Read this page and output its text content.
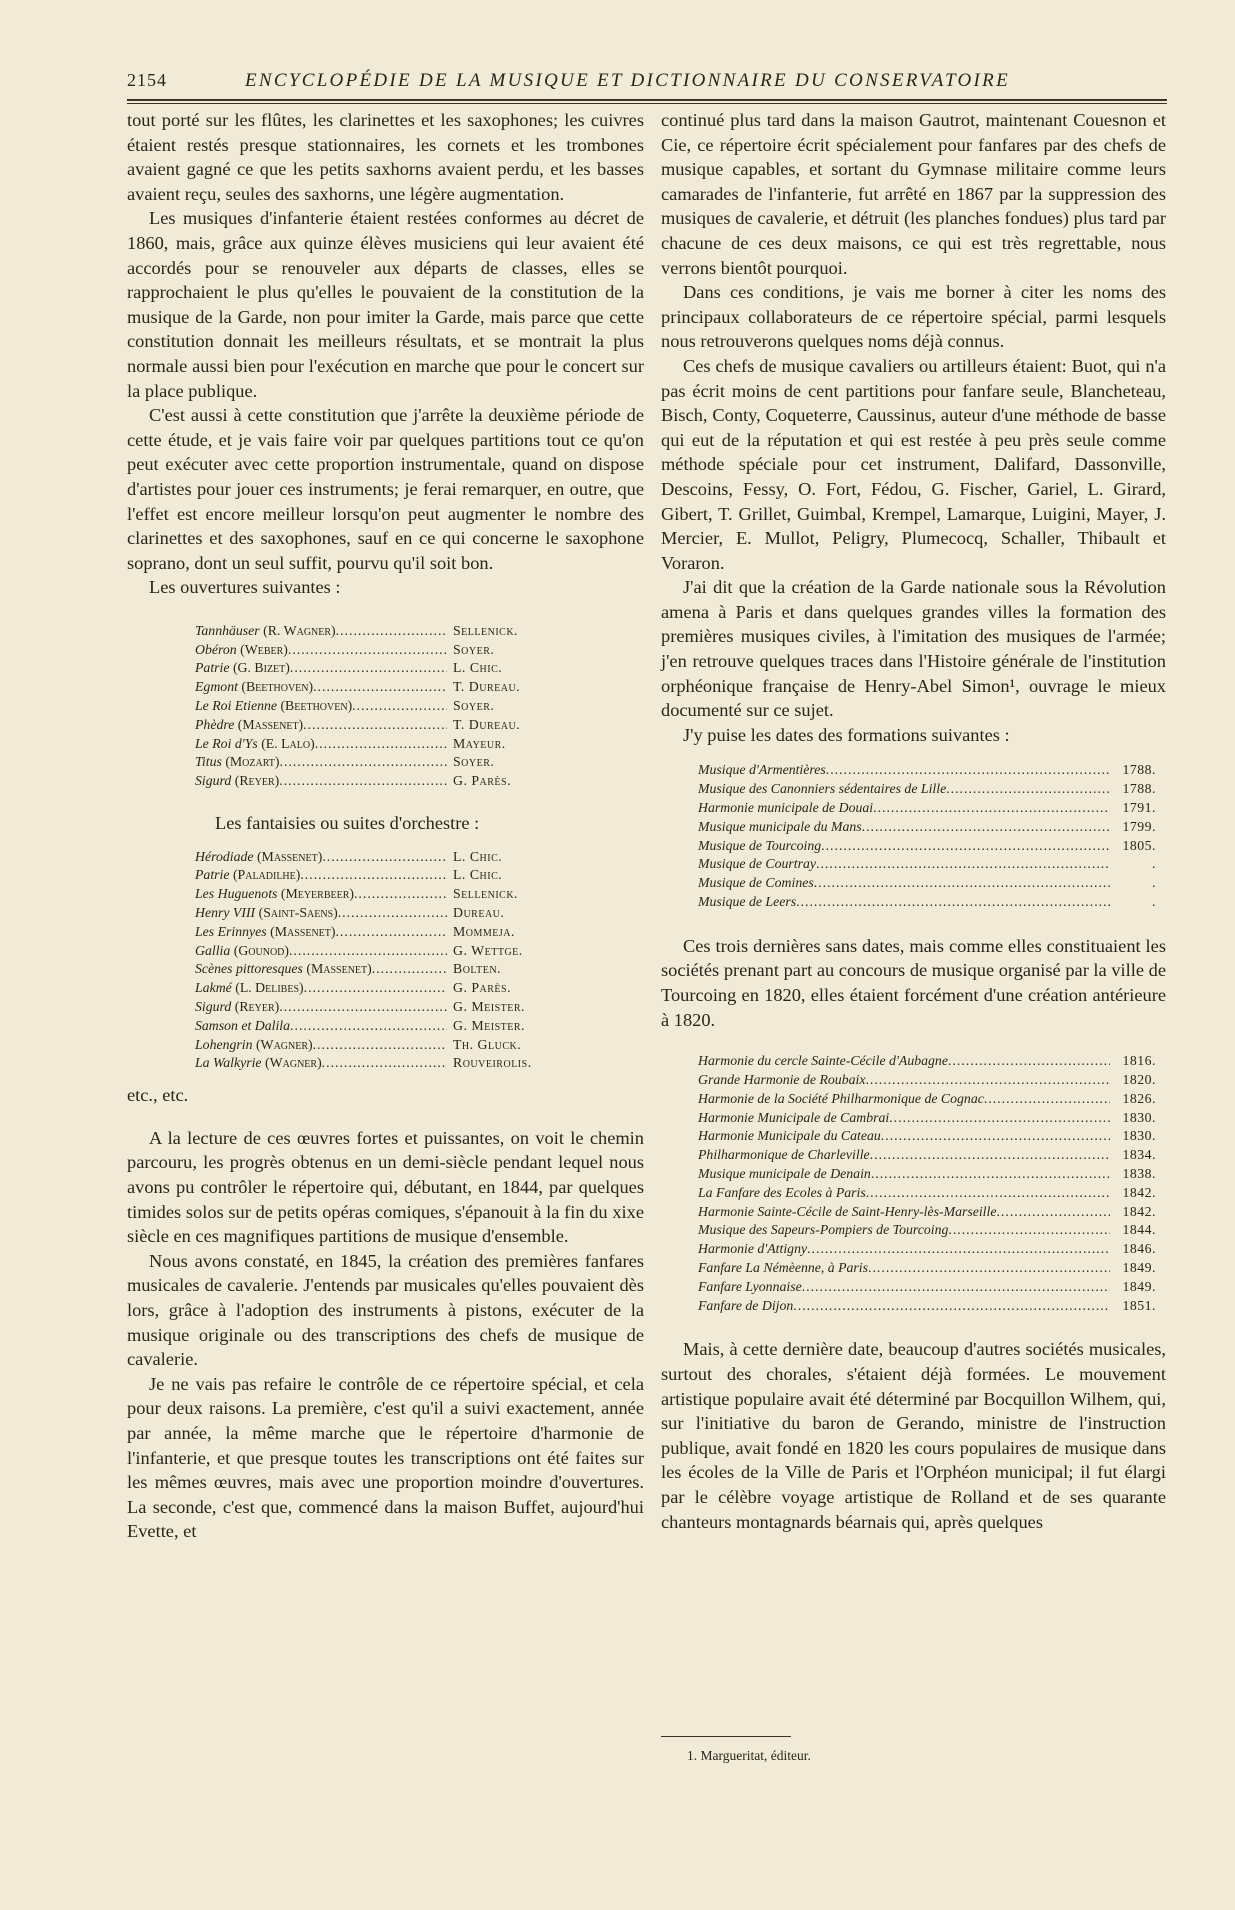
2154	ENCYCLOPÉDIE DE LA MUSIQUE ET DICTIONNAIRE DU CONSERVATOIRE

tout porté sur les flûtes, les clarinettes et les saxophones; les cuivres étaient restés presque stationnaires, les cornets et les trombones avaient gagné ce que les petits saxhorns avaient perdu, et les basses avaient reçu, seules des saxhorns, une légère augmentation.

Les musiques d'infanterie étaient restées conformes au décret de 1860, mais, grâce aux quinze élèves musiciens qui leur avaient été accordés pour se renouveler aux départs de classes, elles se rapprochaient le plus qu'elles le pouvaient de la constitution de la musique de la Garde, non pour imiter la Garde, mais parce que cette constitution donnait les meilleurs résultats, et se montrait la plus normale aussi bien pour l'exécution en marche que pour le concert sur la place publique.

C'est aussi à cette constitution que j'arrête la deuxième période de cette étude, et je vais faire voir par quelques partitions tout ce qu'on peut exécuter avec cette proportion instrumentale, quand on dispose d'artistes pour jouer ces instruments; je ferai remarquer, en outre, que l'effet est encore meilleur lorsqu'on peut augmenter le nombre des clarinettes et des saxophones, sauf en ce qui concerne le saxophone soprano, dont un seul suffit, pourvu qu'il soit bon.

Les ouvertures suivantes :

Tannhäuser (R. Wagner) .....	Sellenick.
Obéron (Weber) .....	Soyer.
Patrie (G. Bizet) .....	L. Chic.
Egmont (Beethoven) .....	T. Dureau.
Le Roi Etienne (Beethoven) .....	Soyer.
Phèdre (Massenet) .....	T. Dureau.
Le Roi d'Ys (E. Lalo) .....	Mayeur.
Titus (Mozart) .....	Soyer.
Sigurd (Reyer) .....	G. Parès.

Les fantaisies ou suites d'orchestre :

Hérodiade (Massenet) .....	L. Chic.
Patrie (Paladilhe) .....	L. Chic.
Les Huguenots (Meyerbeer) .....	Sellenick.
Henry VIII (Saint-Saens) .....	Dureau.
Les Erinnyes (Massenet) .....	Mommeja.
Gallia (Gounod) .....	G. Wettge.
Scènes pittoresques (Massenet) .....	Bolten.
Lakmé (L. Delibes) .....	G. Parès.
Sigurd (Reyer) .....	G. Meister.
Samson et Dalila .....	G. Meister.
Lohengrin (Wagner) .....	Th. Gluck.
La Walkyrie (Wagner) .....	Rouveirolis.

etc., etc.

A la lecture de ces œuvres fortes et puissantes, on voit le chemin parcouru, les progrès obtenus en un demi-siècle pendant lequel nous avons pu contrôler le répertoire qui, débutant, en 1844, par quelques timides solos sur de petits opéras comiques, s'épanouit à la fin du xixe siècle en ces magnifiques partitions de musique d'ensemble.

Nous avons constaté, en 1845, la création des premières fanfares musicales de cavalerie. J'entends par musicales qu'elles pouvaient dès lors, grâce à l'adoption des instruments à pistons, exécuter de la musique originale ou des transcriptions des chefs de musique de cavalerie.

Je ne vais pas refaire le contrôle de ce répertoire spécial, et cela pour deux raisons. La première, c'est qu'il a suivi exactement, année par année, la même marche que le répertoire d'harmonie de l'infanterie, et que presque toutes les transcriptions ont été faites sur les mêmes œuvres, mais avec une proportion moindre d'ouvertures. La seconde, c'est que, commencé dans la maison Buffet, aujourd'hui Evette, et

continué plus tard dans la maison Gautrot, maintenant Couesnon et Cie, ce répertoire écrit spécialement pour fanfares par des chefs de musique capables, et sortant du Gymnase militaire comme leurs camarades de l'infanterie, fut arrêté en 1867 par la suppression des musiques de cavalerie, et détruit (les planches fondues) plus tard par chacune de ces deux maisons, ce qui est très regrettable, nous verrons bientôt pourquoi.

Dans ces conditions, je vais me borner à citer les noms des principaux collaborateurs de ce répertoire spécial, parmi lesquels nous retrouverons quelques noms déjà connus.

Ces chefs de musique cavaliers ou artilleurs étaient: Buot, qui n'a pas écrit moins de cent partitions pour fanfare seule, Blancheteau, Bisch, Conty, Coqueterre, Caussinus, auteur d'une méthode de basse qui eut de la réputation et qui est restée à peu près seule comme méthode spéciale pour cet instrument, Dalifard, Dassonville, Descoins, Fessy, O. Fort, Fédou, G. Fischer, Gariel, L. Girard, Gibert, T. Grillet, Guimbal, Krempel, Lamarque, Luigini, Mayer, J. Mercier, E. Mullot, Peligry, Plumecocq, Schaller, Thibault et Voraron.

J'ai dit que la création de la Garde nationale sous la Révolution amena à Paris et dans quelques grandes villes la formation des premières musiques civiles, à l'imitation des musiques de l'armée; j'en retrouve quelques traces dans l'Histoire générale de l'institution orphéonique française de Henry-Abel Simon¹, ouvrage le mieux documenté sur ce sujet.

J'y puise les dates des formations suivantes :

Musique d'Armentières .....	1788.
Musique des Canonniers sédentaires de Lille .....	1788.
Harmonie municipale de Douai .....	1791.
Musique municipale du Mans .....	1799.
Musique de Tourcoing .....	1805.
Musique de Courtray .....	.
Musique de Comines .....	.
Musique de Leers .....	.

Ces trois dernières sans dates, mais comme elles constituaient les sociétés prenant part au concours de musique organisé par la ville de Tourcoing en 1820, elles étaient forcément d'une création antérieure à 1820.

Harmonie du cercle Sainte-Cécile d'Aubagne .....	1816.
Grande Harmonie de Roubaix .....	1820.
Harmonie de la Société Philharmonique de Cognac .....	1826.
Harmonie Municipale de Cambrai .....	1830.
Harmonie Municipale du Cateau .....	1830.
Philharmonique de Charleville .....	1834.
Musique municipale de Denain .....	1838.
La Fanfare des Ecoles à Paris .....	1842.
Harmonie Sainte-Cécile de Saint-Henry-lès-Marseille .....	1842.
Musique des Sapeurs-Pompiers de Tourcoing .....	1844.
Harmonie d'Attigny .....	1846.
Fanfare La Némèenne, à Paris .....	1849.
Fanfare Lyonnaise .....	1849.
Fanfare de Dijon .....	1851.

Mais, à cette dernière date, beaucoup d'autres sociétés musicales, surtout des chorales, s'étaient déjà formées. Le mouvement artistique populaire avait été déterminé par Bocquillon Wilhem, qui, sur l'initiative du baron de Gerando, ministre de l'instruction publique, avait fondé en 1820 les cours populaires de musique dans les écoles de la Ville de Paris et l'Orphéon municipal; il fut élargi par le célèbre voyage artistique de Rolland et de ses quarante chanteurs montagnards béarnais qui, après quelques

1. Margueritat, éditeur.
